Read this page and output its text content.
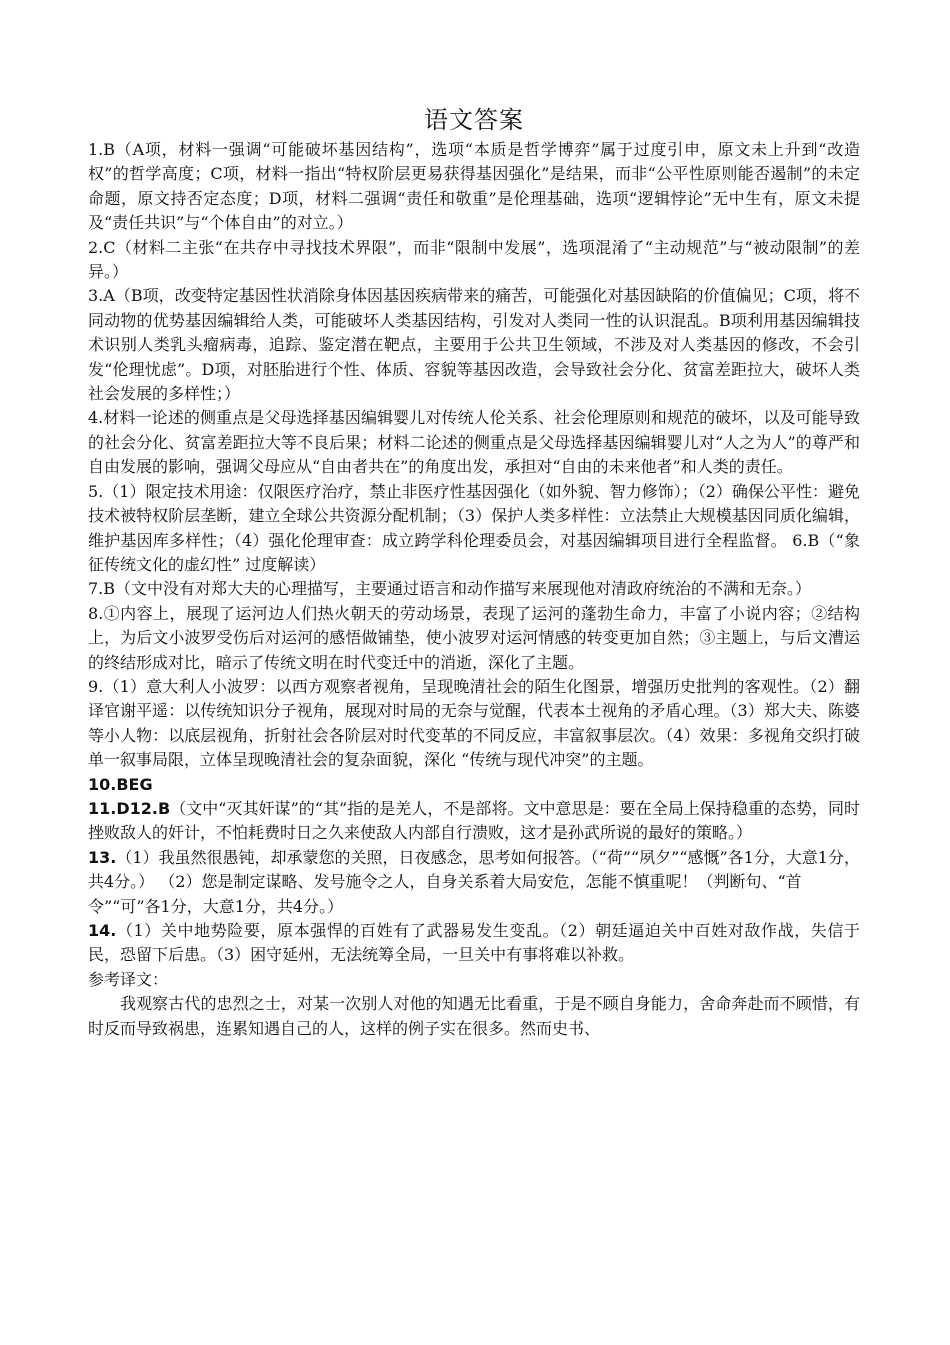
语文答案

1.B（A项，材料一强调“可能破坏基因结构”，选项“本质是哲学博弈”属于过度引申，原文未上升到“改造权”的哲学高度；C项，材料一指出“特权阶层更易获得基因强化”是结果，而非“公平性原则能否遏制”的未定命题，原文持否定态度；D项，材料二强调“责任和敬重”是伦理基础，选项“逻辑悖论”无中生有，原文未提及“责任共识”与“个体自由”的对立。）

2.C（材料二主张“在共存中寻找技术界限”，而非“限制中发展”，选项混淆了“主动规范”与“被动限制”的差异。）

3.A（B项，改变特定基因性状消除身体因基因疾病带来的痛苦，可能强化对基因缺陷的价值偏见；C项，将不同动物的优势基因编辑给人类，可能破坏人类基因结构，引发对人类同一性的认识混乱。B项利用基因编辑技术识别人类乳头瘤病毒，追踪、鉴定潜在靶点，主要用于公共卫生领域，不涉及对人类基因的修改，不会引发“伦理忧虑”。D项，对胚胎进行个性、体质、容貌等基因改造，会导致社会分化、贫富差距拉大，破坏人类社会发展的多样性；）

4.材料一论述的侧重点是父母选择基因编辑婴儿对传统人伦关系、社会伦理原则和规范的破坏，以及可能导致的社会分化、贫富差距拉大等不良后果；材料二论述的侧重点是父母选择基因编辑婴儿对“人之为人”的尊严和自由发展的影响，强调父母应从“自由者共在”的角度出发，承担对“自由的未来他者”和人类的责任。

5.（1）限定技术用途：仅限医疗治疗，禁止非医疗性基因强化（如外貌、智力修饰）；（2）确保公平性：避免技术被特权阶层垄断，建立全球公共资源分配机制；（3）保护人类多样性：立法禁止大规模基因同质化编辑，维护基因库多样性；（4）强化伦理审查：成立跨学科伦理委员会，对基因编辑项目进行全程监督。 6.B（“象征传统文化的虚幻性” 过度解读）

7.B（文中没有对郑大夫的心理描写，主要通过语言和动作描写来展现他对清政府统治的不满和无奈。）

8.①内容上，展现了运河边人们热火朝天的劳动场景，表现了运河的蓬勃生命力，丰富了小说内容；②结构上，为后文小波罗受伤后对运河的感悟做铺垫，使小波罗对运河情感的转变更加自然；③主题上，与后文漕运的终结形成对比，暗示了传统文明在时代变迁中的消逝，深化了主题。

9.（1）意大利人小波罗：以西方观察者视角，呈现晚清社会的陌生化图景，增强历史批判的客观性。（2）翻译官谢平遥：以传统知识分子视角，展现对时局的无奈与觉醒，代表本土视角的矛盾心理。（3）郑大夫、陈婆等小人物：以底层视角，折射社会各阶层对时代变革的不同反应，丰富叙事层次。（4）效果：多视角交织打破单一叙事局限，立体呈现晚清社会的复杂面貌，深化 “传统与现代冲突”的主题。

10.BEG

11.D12.B（文中“灭其奸谋”的“其”指的是羌人，不是部将。文中意思是：要在全局上保持稳重的态势，同时挫败敌人的奸计，不怕耗费时日之久来使敌人内部自行溃败，这才是孙武所说的最好的策略。）

13.（1）我虽然很愚钝，却承蒙您的关照，日夜感念，思考如何报答。（“荷”“夙夕”“感慨”各1分，大意1分，共4分。） （2）您是制定谋略、发号施令之人，自身关系着大局安危，怎能不慎重呢！（判断句、“首

令”“可”各1分，大意1分，共4分。）

14.（1）关中地势险要，原本强悍的百姓有了武器易发生变乱。（2）朝廷逼迫关中百姓对敌作战，失信于民，恐留下后患。（3）困守延州，无法统筹全局，一旦关中有事将难以补救。

参考译文：

我观察古代的忠烈之士，对某一次别人对他的知遇无比看重，于是不顾自身能力，舍命奔赴而不顾惜，有时反而导致祸患，连累知遇自己的人，这样的例子实在很多。然而史书、
